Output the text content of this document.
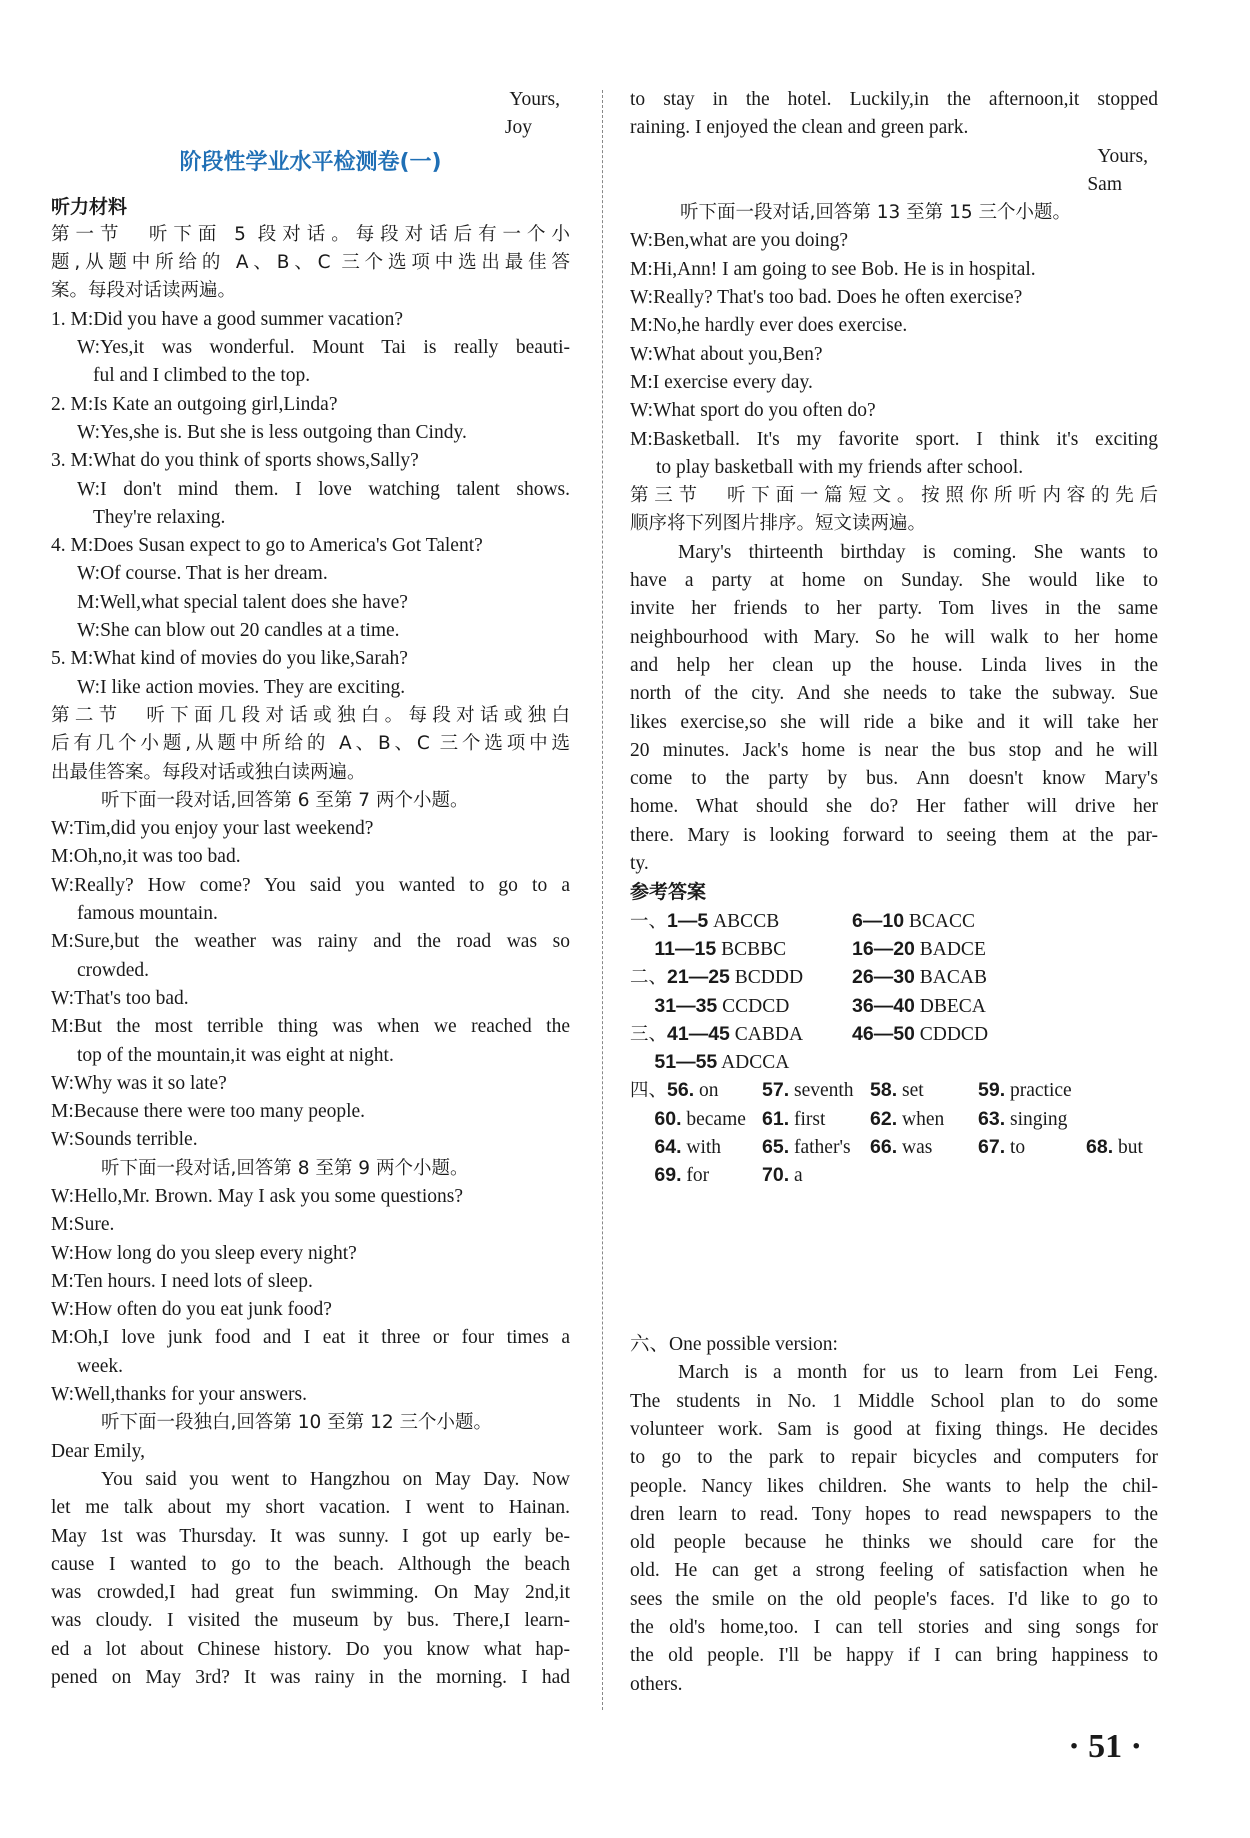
Yours,
Joy
阶段性学业水平检测卷(一)
听力材料
第一节　听下面 5 段对话。每段对话后有一个小
题,从题中所给的 A、B、C 三个选项中选出最佳答
案。每段对话读两遍。
1. M:Did you have a good summer vacation?
W:Yes,it was wonderful. Mount Tai is really beauti-
ful and I climbed to the top.
2. M:Is Kate an outgoing girl,Linda?
W:Yes,she is. But she is less outgoing than Cindy.
3. M:What do you think of sports shows,Sally?
W:I don't mind them. I love watching talent shows.
They're relaxing.
4. M:Does Susan expect to go to America's Got Talent?
W:Of course. That is her dream.
M:Well,what special talent does she have?
W:She can blow out 20 candles at a time.
5. M:What kind of movies do you like,Sarah?
W:I like action movies. They are exciting.
第二节　听下面几段对话或独白。每段对话或独白
后有几个小题,从题中所给的 A、B、C 三个选项中选
出最佳答案。每段对话或独白读两遍。
听下面一段对话,回答第 6 至第 7 两个小题。
W:Tim,did you enjoy your last weekend?
M:Oh,no,it was too bad.
W:Really? How come? You said you wanted to go to a
famous mountain.
M:Sure,but the weather was rainy and the road was so
crowded.
W:That's too bad.
M:But the most terrible thing was when we reached the
top of the mountain,it was eight at night.
W:Why was it so late?
M:Because there were too many people.
W:Sounds terrible.
听下面一段对话,回答第 8 至第 9 两个小题。
W:Hello,Mr. Brown. May I ask you some questions?
M:Sure.
W:How long do you sleep every night?
M:Ten hours. I need lots of sleep.
W:How often do you eat junk food?
M:Oh,I love junk food and I eat it three or four times a
week.
W:Well,thanks for your answers.
听下面一段独白,回答第 10 至第 12 三个小题。
Dear Emily,
You said you went to Hangzhou on May Day. Now
let me talk about my short vacation. I went to Hainan.
May 1st was Thursday. It was sunny. I got up early be-
cause I wanted to go to the beach. Although the beach
was crowded,I had great fun swimming. On May 2nd,it
was cloudy. I visited the museum by bus. There,I learn-
ed a lot about Chinese history. Do you know what hap-
pened on May 3rd? It was rainy in the morning. I had
to stay in the hotel. Luckily,in the afternoon,it stopped
raining. I enjoyed the clean and green park.
Yours,
Sam
听下面一段对话,回答第 13 至第 15 三个小题。
W:Ben,what are you doing?
M:Hi,Ann! I am going to see Bob. He is in hospital.
W:Really? That's too bad. Does he often exercise?
M:No,he hardly ever does exercise.
W:What about you,Ben?
M:I exercise every day.
W:What sport do you often do?
M:Basketball. It's my favorite sport. I think it's exciting
to play basketball with my friends after school.
第三节　听下面一篇短文。按照你所听内容的先后
顺序将下列图片排序。短文读两遍。
Mary's thirteenth birthday is coming. She wants to
have a party at home on Sunday. She would like to
invite her friends to her party. Tom lives in the same
neighbourhood with Mary. So he will walk to her home
and help her clean up the house. Linda lives in the
north of the city. And she needs to take the subway. Sue
likes exercise,so she will ride a bike and it will take her
20 minutes. Jack's home is near the bus stop and he will
come to the party by bus. Ann doesn't know Mary's
home. What should she do? Her father will drive her
there. Mary is looking forward to seeing them at the par-
ty.
参考答案
一、1—5 ABCCB	6—10 BCACC
　 11—15 BCBBC	16—20 BADCE
二、21—25 BCDDD	26—30 BACAB
　 31—35 CCDCD	36—40 DBECA
三、41—45 CABDA	46—50 CDDCD
　 51—55 ADCCA
四、56. on 57. seventh 58. set	59. practice
　 60. became 61. first 62. when 63. singing
　 64. with 65. father's 66. was 67. to	68. but
　 69. for	70. a
六、One possible version:
March is a month for us to learn from Lei Feng.
The students in No. 1 Middle School plan to do some
volunteer work. Sam is good at fixing things. He decides
to go to the park to repair bicycles and computers for
people. Nancy likes children. She wants to help the chil-
dren learn to read. Tony hopes to read newspapers to the
old people because he thinks we should care for the
old. He can get a strong feeling of satisfaction when he
sees the smile on the old people's faces. I'd like to go to
the old's home,too. I can tell stories and sing songs for
the old people. I'll be happy if I can bring happiness to
others.
· 51 ·
